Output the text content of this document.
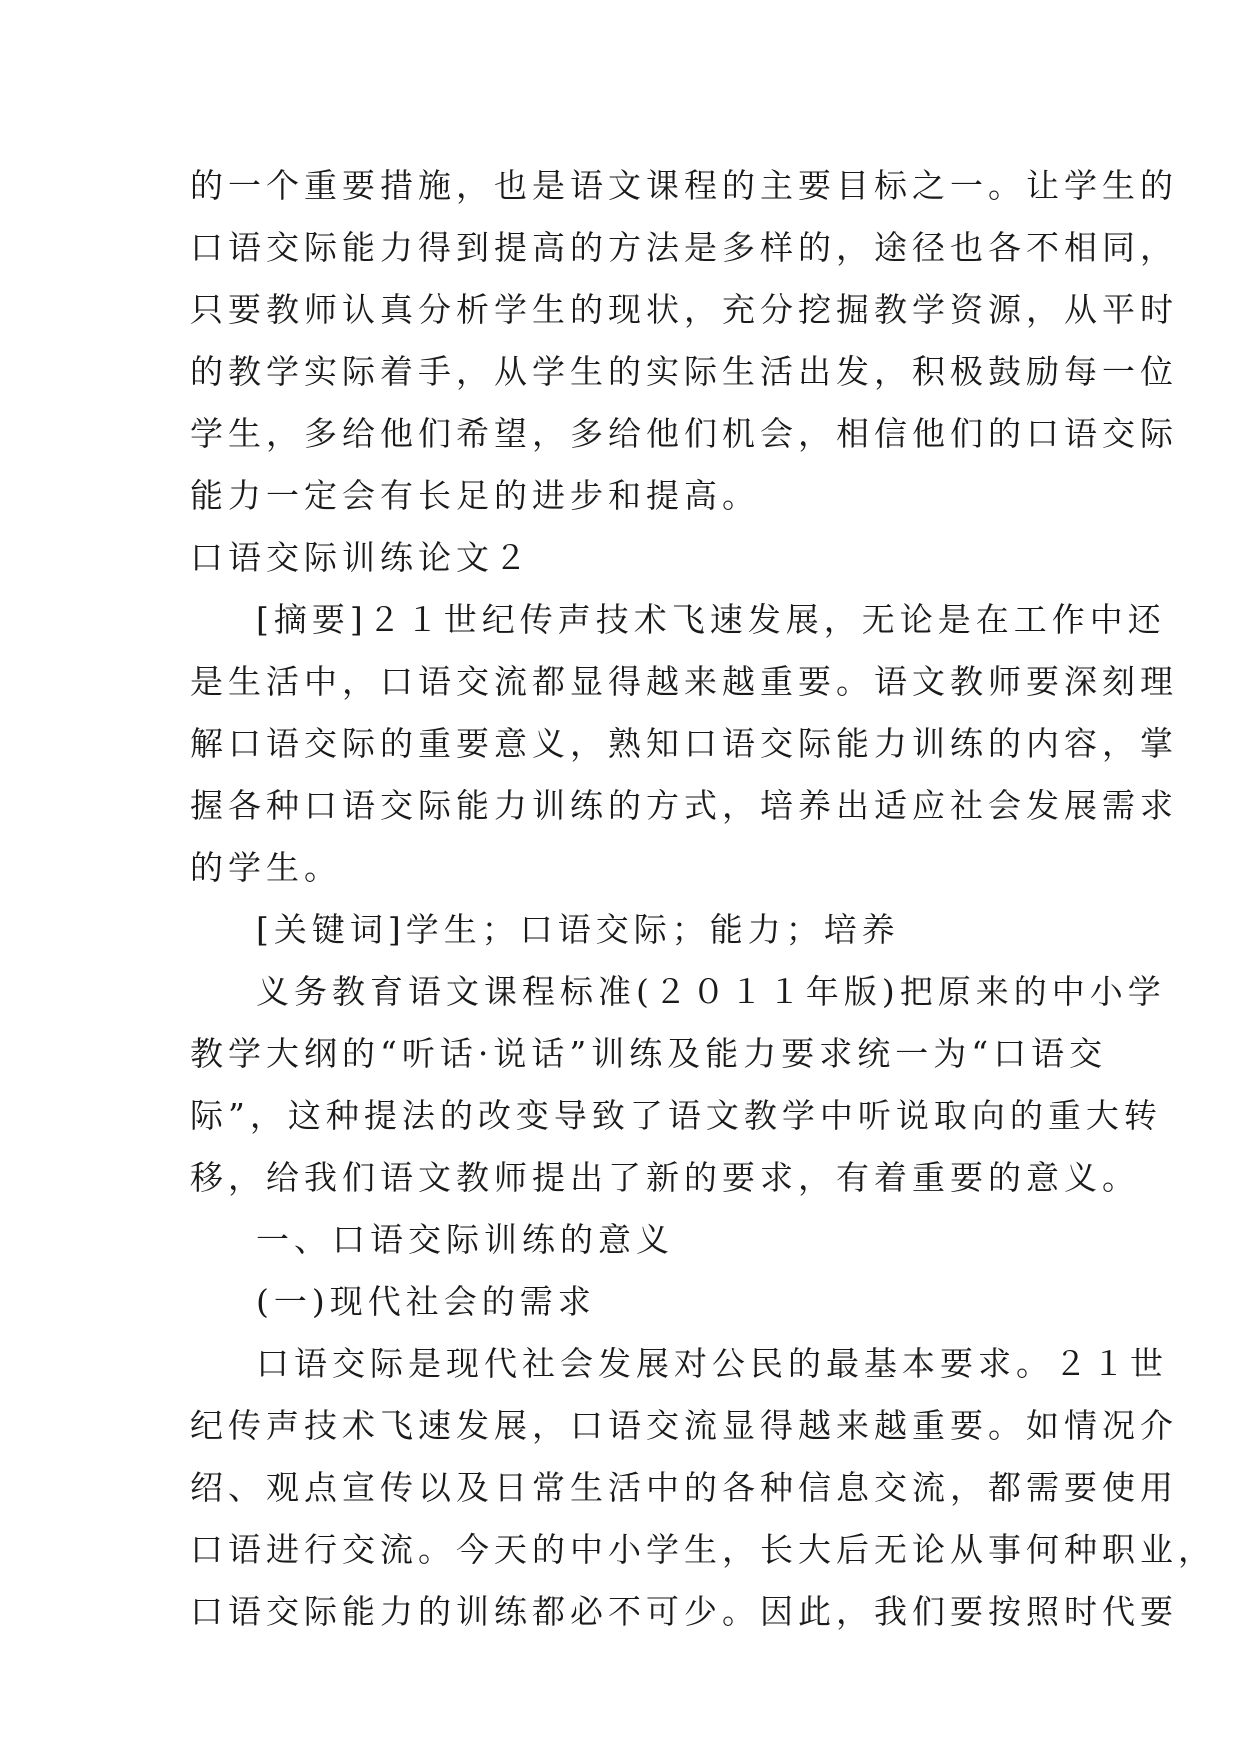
的一个重要措施，也是语文课程的主要目标之一。让学生的
口语交际能力得到提高的方法是多样的，途径也各不相同，
只要教师认真分析学生的现状，充分挖掘教学资源，从平时
的教学实际着手，从学生的实际生活出发，积极鼓励每一位
学生，多给他们希望，多给他们机会，相信他们的口语交际
能力一定会有长足的进步和提高。
口语交际训练论文２
[摘要]２１世纪传声技术飞速发展，无论是在工作中还
是生活中，口语交流都显得越来越重要。语文教师要深刻理
解口语交际的重要意义，熟知口语交际能力训练的内容，掌
握各种口语交际能力训练的方式，培养出适应社会发展需求
的学生。
[关键词]学生；口语交际；能力；培养
义务教育语文课程标准(２０１１年版)把原来的中小学
教学大纲的“听话·说话”训练及能力要求统一为“口语交
际”，这种提法的改变导致了语文教学中听说取向的重大转
移，给我们语文教师提出了新的要求，有着重要的意义。
一、口语交际训练的意义
(一)现代社会的需求
口语交际是现代社会发展对公民的最基本要求。２１世
纪传声技术飞速发展，口语交流显得越来越重要。如情况介
绍、观点宣传以及日常生活中的各种信息交流，都需要使用
口语进行交流。今天的中小学生，长大后无论从事何种职业，
口语交际能力的训练都必不可少。因此，我们要按照时代要
